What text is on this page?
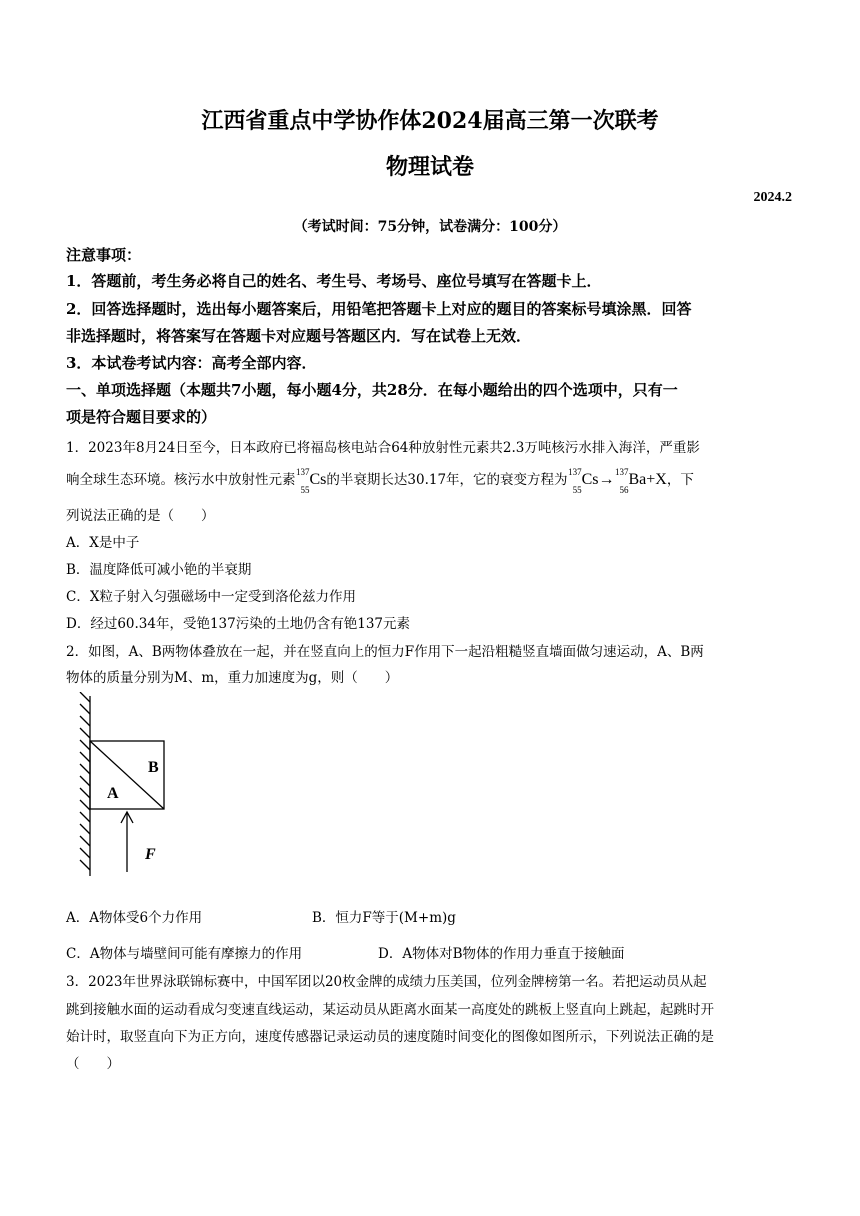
江西省重点中学协作体2024届高三第一次联考
物理试卷
2024.2
（考试时间：75分钟，试卷满分：100分）
注意事项：
1．答题前，考生务必将自己的姓名、考生号、考场号、座位号填写在答题卡上．
2．回答选择题时，选出每小题答案后，用铅笔把答题卡上对应的题目的答案标号填涂黑．回答
非选择题时，将答案写在答题卡对应题号答题区内．写在试卷上无效．
3．本试卷考试内容：高考全部内容．
一、单项选择题（本题共7小题，每小题4分，共28分．在每小题给出的四个选项中，只有一
项是符合题目要求的）
1．2023年8月24日至今，日本政府已将福岛核电站合64种放射性元素共2.3万吨核污水排入海洋，严重影
响全球生态环境。核污水中放射性元素
137
55
Cs的半衰期长达30.17年，它的衰变方程为
137
55
Cs→ 137
56
Ba+X，下
列说法正确的是（　　）
A．X是中子
B．温度降低可减小铯的半衰期
C．X粒子射入匀强磁场中一定受到洛伦兹力作用
D．经过60.34年，受铯137污染的土地仍含有铯137元素
2．如图，A、B两物体叠放在一起，并在竖直向上的恒力F作用下一起沿粗糙竖直墙面做匀速运动，A、B两
物体的质量分别为M、m，重力加速度为g，则（　　）
A
B
F
A．A物体受6个力作用	B．恒力F等于(M+m)g
C．A物体与墙壁间可能有摩擦力的作用	D．A物体对B物体的作用力垂直于接触面
3．2023年世界泳联锦标赛中，中国军团以20枚金牌的成绩力压美国，位列金牌榜第一名。若把运动员从起
跳到接触水面的运动看成匀变速直线运动，某运动员从距离水面某一高度处的跳板上竖直向上跳起，起跳时开
始计时，取竖直向下为正方向，速度传感器记录运动员的速度随时间变化的图像如图所示，下列说法正确的是
（　　）
